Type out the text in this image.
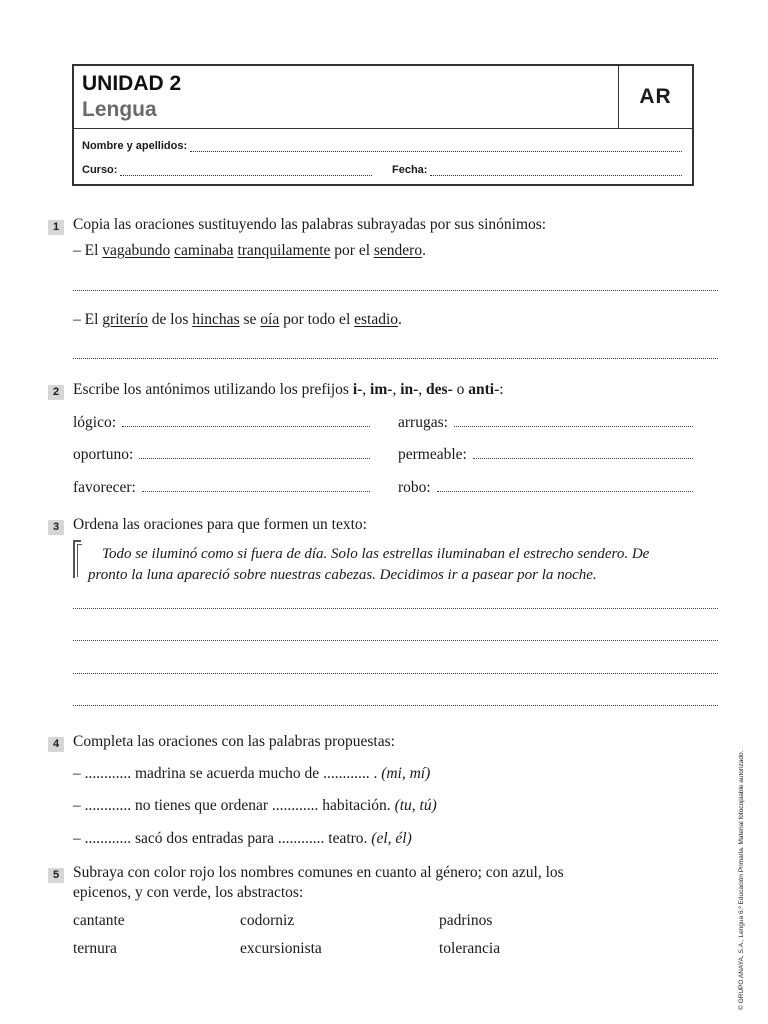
UNIDAD 2
Lengua
AR
Nombre y apellidos:
Curso:	Fecha:
1 Copia las oraciones sustituyendo las palabras subrayadas por sus sinónimos:
– El vagabundo caminaba tranquilamente por el sendero.
– El griterío de los hinchas se oía por todo el estadio.
2 Escribe los antónimos utilizando los prefijos i-, im-, in-, des- o anti-:
lógico:	arrugas:
oportuno:	permeable:
favorecer:	robo:
3 Ordena las oraciones para que formen un texto:
Todo se iluminó como si fuera de día. Solo las estrellas iluminaban el estrecho sendero. De pronto la luna apareció sobre nuestras cabezas. Decidimos ir a pasear por la noche.
4 Completa las oraciones con las palabras propuestas:
– ............ madrina se acuerda mucho de ............ . (mi, mí)
– ............ no tienes que ordenar ............ habitación. (tu, tú)
– ............ sacó dos entradas para ............ teatro. (el, él)
5 Subraya con color rojo los nombres comunes en cuanto al género; con azul, los
epicenos, y con verde, los abstractos:
cantante	codorniz	padrinos
ternura	excursionista	tolerancia	© GRUPO ANAYA, S.A., Lengua 6.º Educación Primaria. Material fotocopiable autorizado.
